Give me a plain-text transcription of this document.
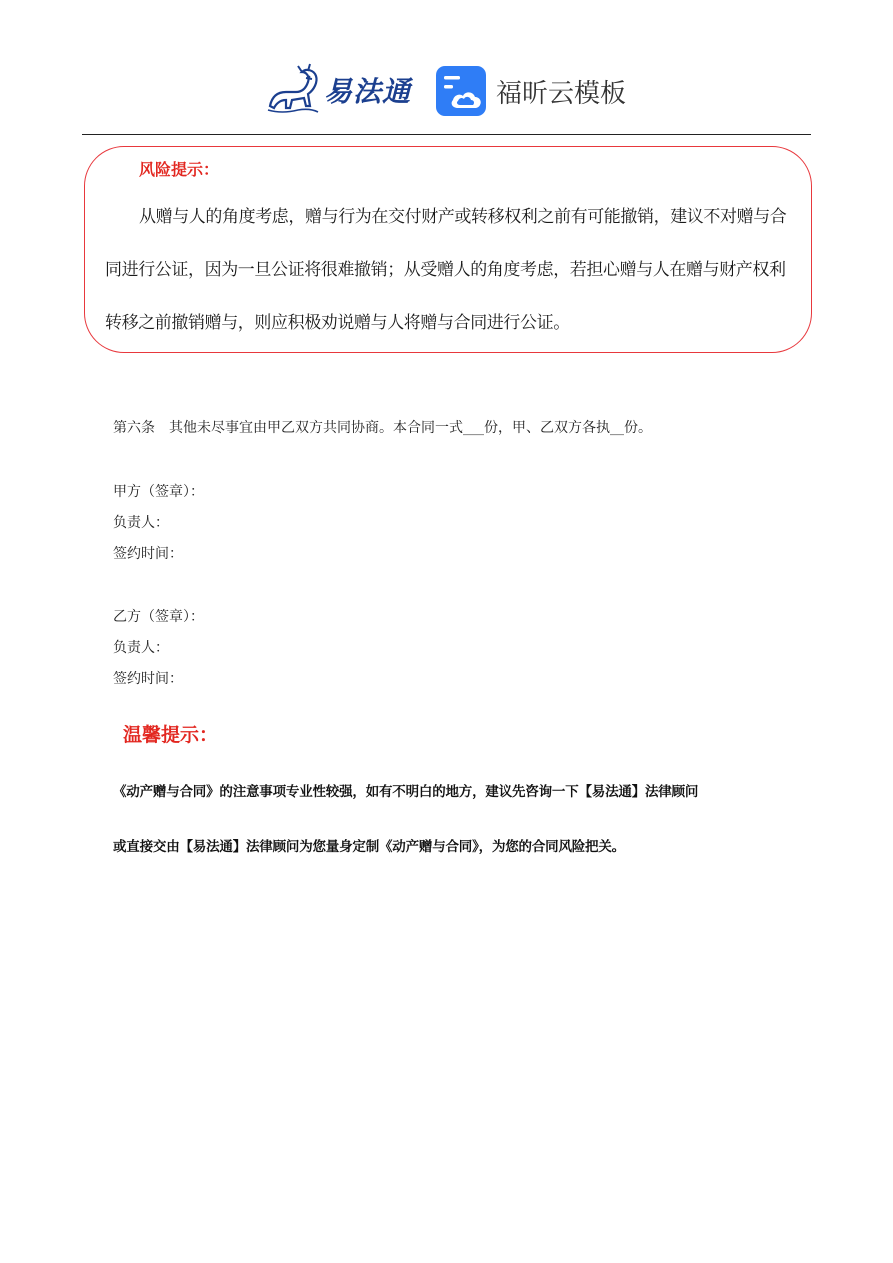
易法通	福昕云模板
风险提示：
从赠与人的角度考虑，赠与行为在交付财产或转移权利之前有可能撤销，建议不对赠与合同进行公证，因为一旦公证将很难撤销；从受赠人的角度考虑，若担心赠与人在赠与财产权利转移之前撤销赠与，则应积极劝说赠与人将赠与合同进行公证。
第六条　其他未尽事宜由甲乙双方共同协商。本合同一式___份，甲、乙双方各执__份。
甲方（签章）：
负责人：
签约时间：
乙方（签章）：
负责人：
签约时间：
温馨提示：
《动产赠与合同》的注意事项专业性较强，如有不明白的地方，建议先咨询一下【易法通】法律顾问
或直接交由【易法通】法律顾问为您量身定制《动产赠与合同》，为您的合同风险把关。
